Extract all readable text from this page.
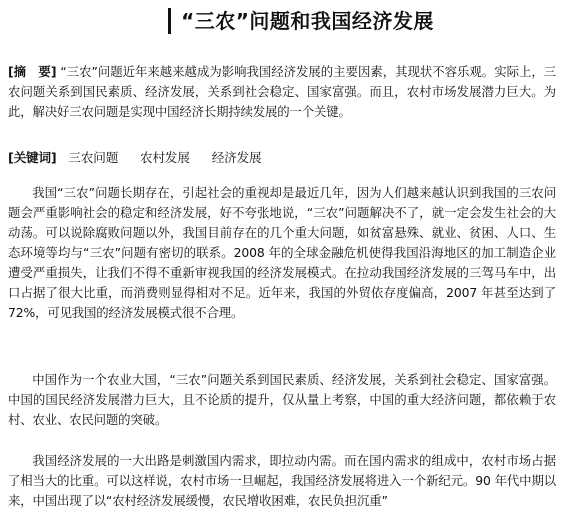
“三农”问题和我国经济发展
[摘　要] “三农”问题近年来越来越成为影响我国经济发展的主要因素，其现状不容乐观。实际上，三农问题关系到国民素质、经济发展，关系到社会稳定、国家富强。而且，农村市场发展潜力巨大。为此，解决好三农问题是实现中国经济长期持续发展的一个关键。
[关键词] 三农问题 农村发展 经济发展
我国“三农”问题长期存在，引起社会的重视却是最近几年，因为人们越来越认识到我国的三农问题会严重影响社会的稳定和经济发展，好不夸张地说，“三农”问题解决不了，就一定会发生社会的大动荡。可以说除腐败问题以外，我国目前存在的几个重大问题，如贫富悬殊、就业、贫困、人口、生态环境等均与“三农”问题有密切的联系。2008 年的全球金融危机使得我国沿海地区的加工制造企业遭受严重损失，让我们不得不重新审视我国的经济发展模式。在拉动我国经济发展的三驾马车中，出口占据了很大比重，而消费则显得相对不足。近年来，我国的外贸依存度偏高，2007 年甚至达到了 72%，可见我国的经济发展模式很不合理。
中国作为一个农业大国，“三农”问题关系到国民素质、经济发展，关系到社会稳定、国家富强。中国的国民经济发展潜力巨大，且不论质的提升，仅从量上考察，中国的重大经济问题，都依赖于农村、农业、农民问题的突破。
我国经济发展的一大出路是刺激国内需求，即拉动内需。而在国内需求的组成中，农村市场占据了相当大的比重。可以这样说，农村市场一旦崛起，我国经济发展将进入一个新纪元。90 年代中期以来，中国出现了以“农村经济发展缓慢，农民增收困难，农民负担沉重”
